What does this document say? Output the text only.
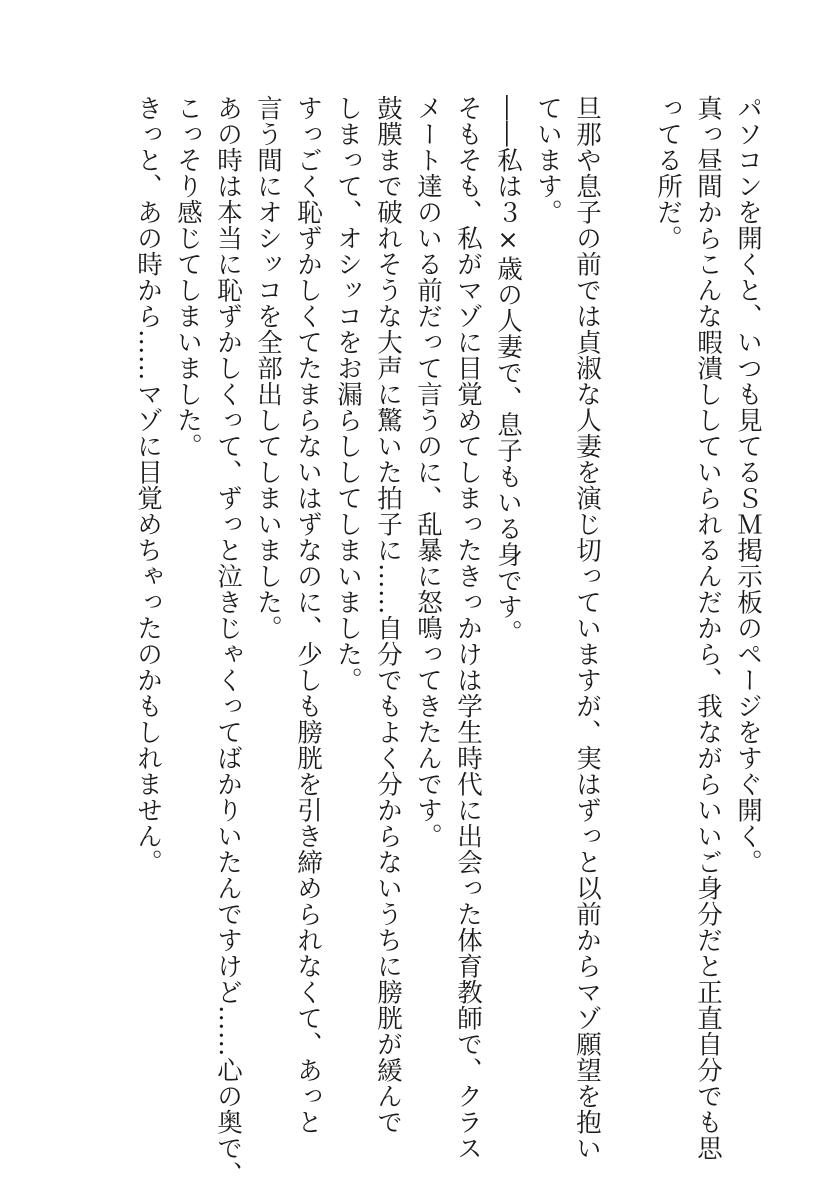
パソコンを開くと、いつも見てるＳＭ掲示板のページをすぐ開く。
真っ昼間からこんな暇潰ししていられるんだから、我ながらいいご身分だと正直自分でも思
ってる所だ。
旦那や息子の前では貞淑な人妻を演じ切っていますが、実はずっと以前からマゾ願望を抱い
ています。
――私は３×歳の人妻で、息子もいる身です。
そもそも、私がマゾに目覚めてしまったきっかけは学生時代に出会った体育教師で、クラス
メート達のいる前だって言うのに、乱暴に怒鳴ってきたんです。
鼓膜まで破れそうな大声に驚いた拍子に……自分でもよく分からないうちに膀胱が緩んで
しまって、オシッコをお漏らししてしまいました。
すっごく恥ずかしくてたまらないはずなのに、少しも膀胱を引き締められなくて、あっと
言う間にオシッコを全部出してしまいました。
あの時は本当に恥ずかしくって、ずっと泣きじゃくってばかりいたんですけど……心の奥で、
こっそり感じてしまいました。
きっと、あの時から……マゾに目覚めちゃったのかもしれません。
